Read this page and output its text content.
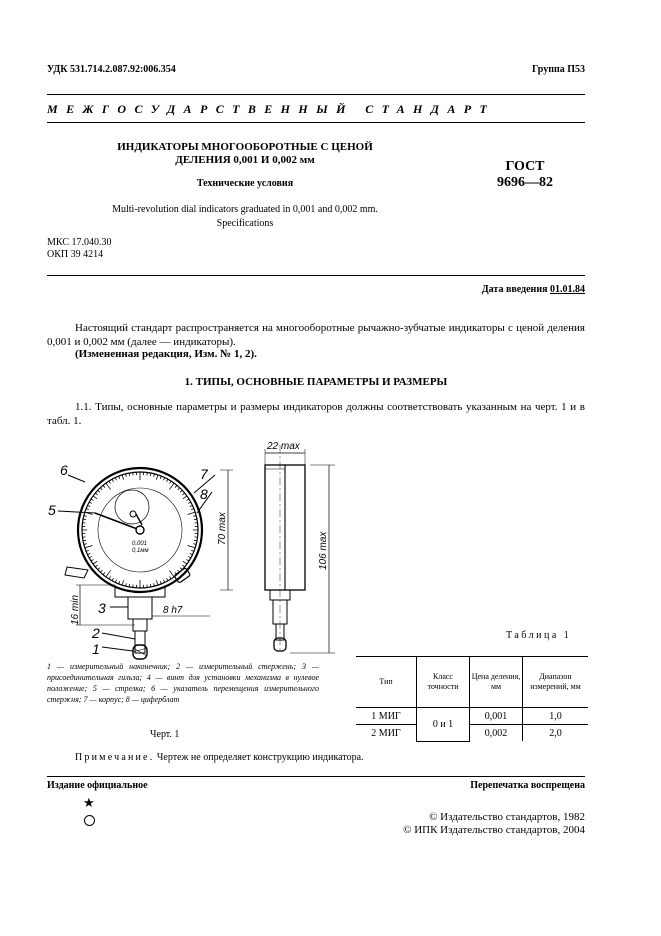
УДК 531.714.2.087.92:006.354	Группа П53
МЕЖГОСУДАРСТВЕННЫЙ СТАНДАРТ
ИНДИКАТОРЫ МНОГООБОРОТНЫЕ С ЦЕНОЙ
ДЕЛЕНИЯ 0,001 И 0,002 мм
Технические условия
Multi-revolution dial indicators graduated in 0,001 and 0,002 mm.
Specifications
ГОСТ
9696—82
МКС 17.040.30
ОКП 39 4214
Дата введения 01.01.84
Настоящий стандарт распространяется на многооборотные рычажно-зубчатые индикаторы с ценой деления 0,001 и 0,002 мм (далее — индикаторы).
(Измененная редакция, Изм. № 1, 2).
1. ТИПЫ, ОСНОВНЫЕ ПАРАМЕТРЫ И РАЗМЕРЫ
1.1. Типы, основные параметры и размеры индикаторов должны соответствовать указанным на черт. 1 и в табл. 1.
6
5
7
8
3
2
1
8 h7
22 max
70 max
106 max
16 min
0,001
0,1мм
1 — измерительный наконечник; 2 — измерительный стержень; 3 — присоединительная гильза; 4 — винт для установки механизма в нулевое положение; 5 — стрелка; 6 — указатель перемещения измерительного стержня; 7 — корпус; 8 — циферблат
Черт. 1
Таблица 1
Тип	Класс точности	Цена деления, мм	Диапазон измерений, мм
1 МИГ	0 и 1	0,001	1,0
2 МИГ		0,002	2,0
Примечание. Чертеж не определяет конструкцию индикатора.
Издание официальное	Перепечатка воспрещена
★
© Издательство стандартов, 1982
© ИПК Издательство стандартов, 2004
